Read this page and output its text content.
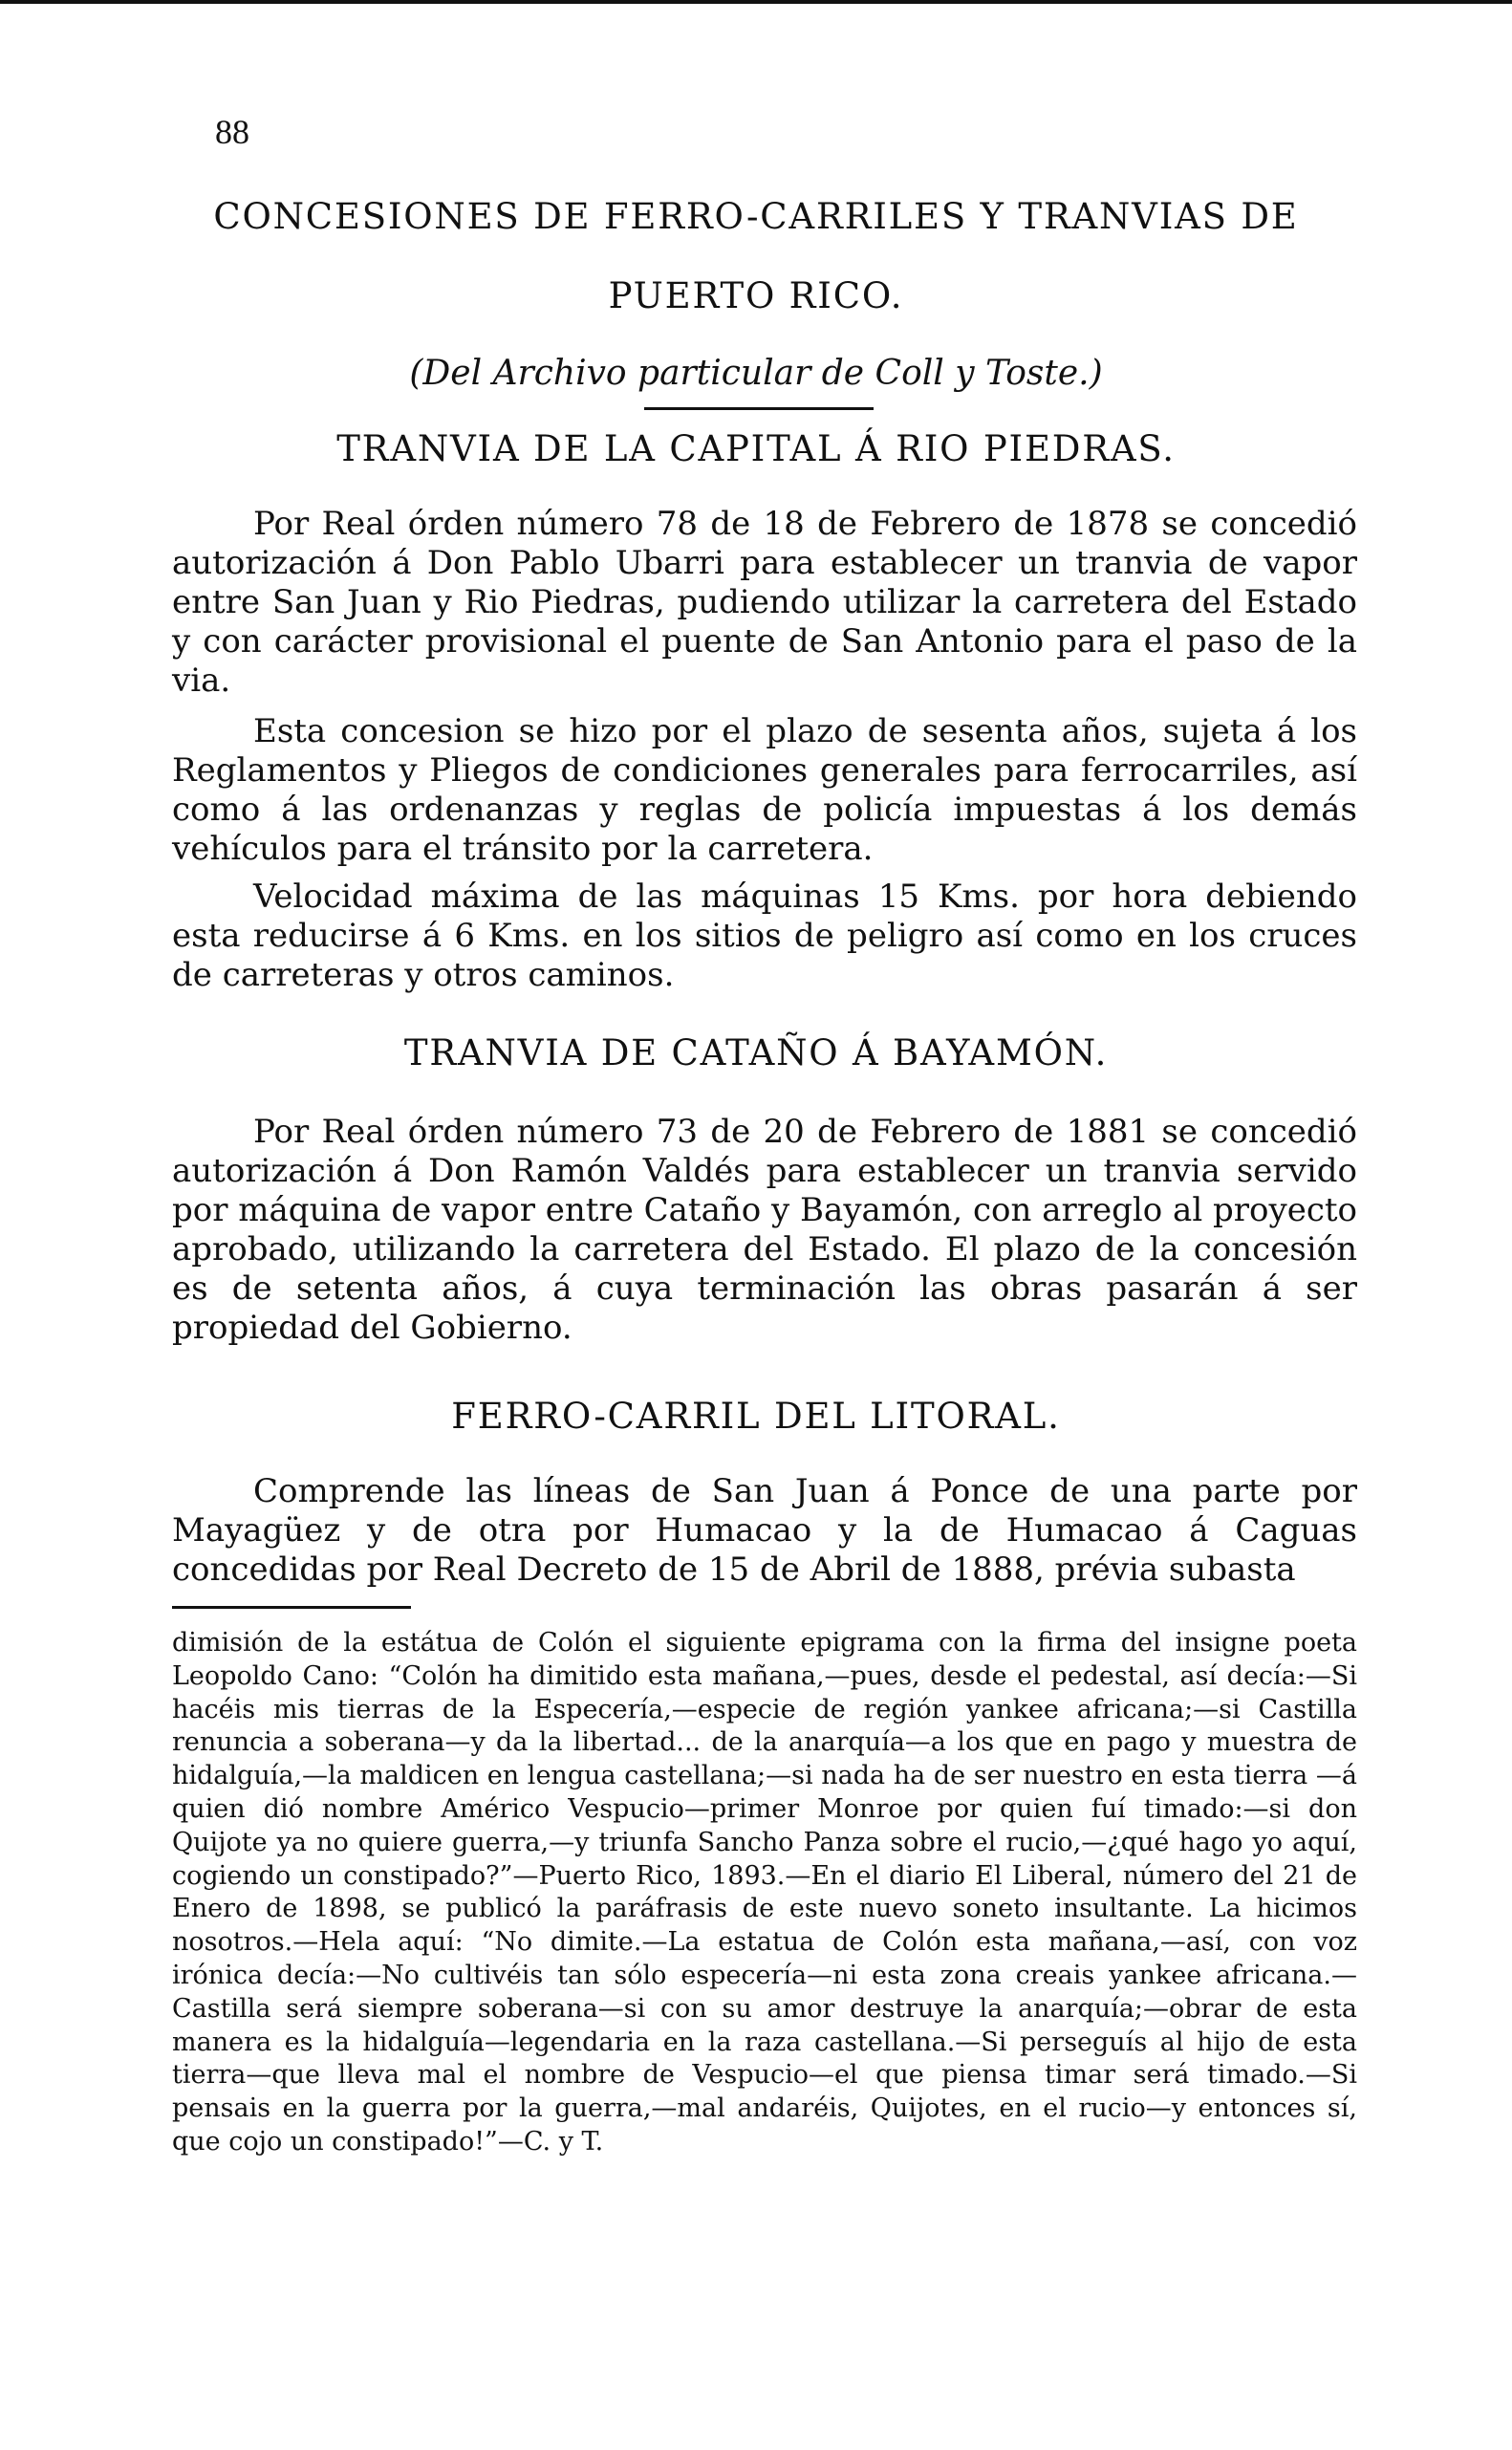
88
CONCESIONES DE FERRO-CARRILES Y TRANVIAS DE
PUERTO RICO.
(Del Archivo particular de Coll y Toste.)
TRANVIA DE LA CAPITAL Á RIO PIEDRAS.

Por Real órden número 78 de 18 de Febrero de 1878 se concedió autorización á Don Pablo Ubarri para establecer un tranvia de vapor entre San Juan y Rio Piedras, pudiendo utilizar la carretera del Estado y con carácter provisional el puente de San Antonio para el paso de la via.

Esta concesion se hizo por el plazo de sesenta años, sujeta á los Reglamentos y Pliegos de condiciones generales para ferrocarriles, así como á las ordenanzas y reglas de policía impuestas á los demás vehículos para el tránsito por la carretera.

Velocidad máxima de las máquinas 15 Kms. por hora debiendo esta reducirse á 6 Kms. en los sitios de peligro así como en los cruces de carreteras y otros caminos.

TRANVIA DE CATAÑO Á BAYAMÓN.

Por Real órden número 73 de 20 de Febrero de 1881 se concedió autorización á Don Ramón Valdés para establecer un tranvia servido por máquina de vapor entre Cataño y Bayamón, con arreglo al proyecto aprobado, utilizando la carretera del Estado. El plazo de la concesión es de setenta años, á cuya terminación las obras pasarán á ser propiedad del Gobierno.

FERRO-CARRIL DEL LITORAL.

Comprende las líneas de San Juan á Ponce de una parte por Mayagüez y de otra por Humacao y la de Humacao á Caguas concedidas por Real Decreto de 15 de Abril de 1888, prévia subasta

dimisión de la estátua de Colón el siguiente epigrama con la firma del insigne poeta Leopoldo Cano: “Colón ha dimitido esta mañana,—pues, desde el pedestal, así decía:—Si hacéis mis tierras de la Especería,—especie de región yankee africana;—si Castilla renuncia a soberana—y da la libertad... de la anarquía—a los que en pago y muestra de hidalguía,—la maldicen en lengua castellana;—si nada ha de ser nuestro en esta tierra —á quien dió nombre Américo Vespucio—primer Monroe por quien fuí timado:—si don Quijote ya no quiere guerra,—y triunfa Sancho Panza sobre el rucio,—¿qué hago yo aquí, cogiendo un constipado?”—Puerto Rico, 1893.—En el diario El Liberal, número del 21 de Enero de 1898, se publicó la paráfrasis de este nuevo soneto insultante. La hicimos nosotros.—Hela aquí: “No dimite.—La estatua de Colón esta mañana,—así, con voz irónica decía:—No cultivéis tan sólo especería—ni esta zona creais yankee africana.—Castilla será siempre soberana—si con su amor destruye la anarquía;—obrar de esta manera es la hidalguía—legendaria en la raza castellana.—Si perseguís al hijo de esta tierra—que lleva mal el nombre de Vespucio—el que piensa timar será timado.—Si pensais en la guerra por la guerra,—mal andaréis, Quijotes, en el rucio—y entonces sí, que cojo un constipado!”—C. y T.
